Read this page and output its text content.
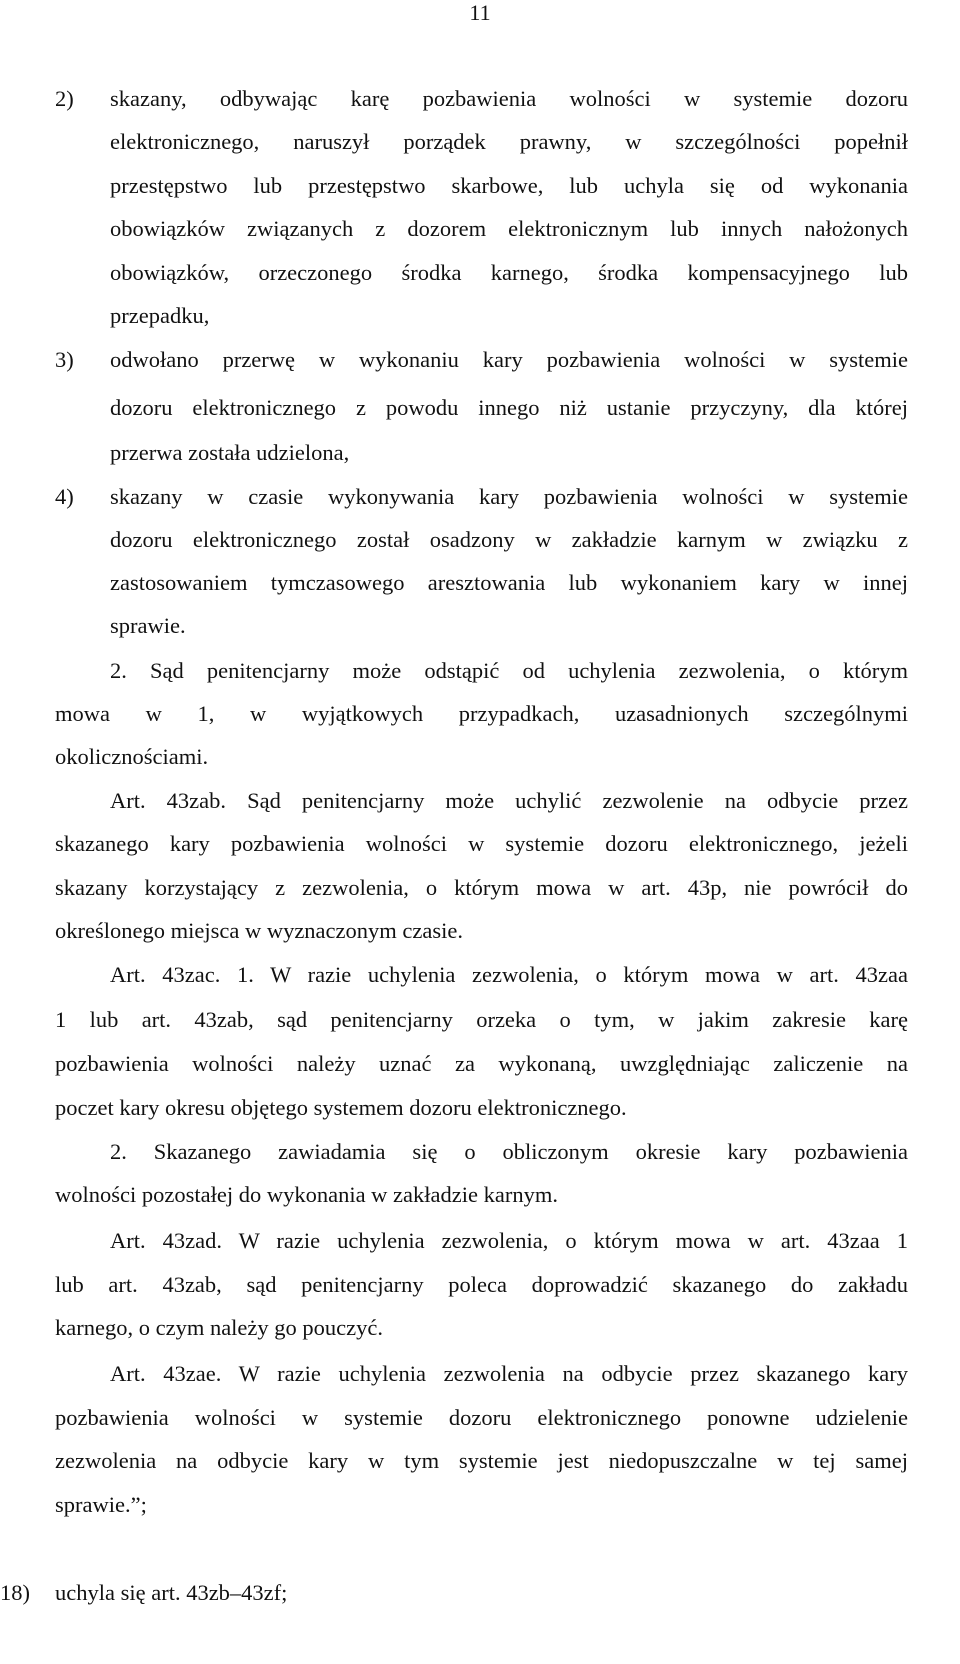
11
2)
3)
4)
18)
skazany, odbywając karę pozbawienia wolności w systemie dozoru
elektronicznego, naruszył porządek prawny, w szczególności popełnił
przestępstwo lub przestępstwo skarbowe, lub uchyla się od wykonania
obowiązków związanych z dozorem elektronicznym lub innych nałożonych
obowiązków, orzeczonego środka karnego, środka kompensacyjnego lub
przepadku,
odwołano przerwę w wykonaniu kary pozbawienia wolności w systemie
dozoru elektronicznego z powodu innego niż ustanie przyczyny, dla której
przerwa została udzielona,
skazany w czasie wykonywania kary pozbawienia wolności w systemie
dozoru elektronicznego został osadzony w zakładzie karnym w związku z
zastosowaniem tymczasowego aresztowania lub wykonaniem kary w innej
sprawie.
2. Sąd penitencjarny może odstąpić od uchylenia zezwolenia, o którym
mowa w 1, w wyjątkowych przypadkach, uzasadnionych szczególnymi
okolicznościami.
Art. 43zab. Sąd penitencjarny może uchylić zezwolenie na odbycie przez
skazanego kary pozbawienia wolności w systemie dozoru elektronicznego, jeżeli
skazany korzystający z zezwolenia, o którym mowa w art. 43p, nie powrócił do
określonego miejsca w wyznaczonym czasie.
Art. 43zac. 1. W razie uchylenia zezwolenia, o którym mowa w art. 43zaa
1 lub art. 43zab, sąd penitencjarny orzeka o tym, w jakim zakresie karę
pozbawienia wolności należy uznać za wykonaną, uwzględniając zaliczenie na
poczet kary okresu objętego systemem dozoru elektronicznego.
2. Skazanego zawiadamia się o obliczonym okresie kary pozbawienia
wolności pozostałej do wykonania w zakładzie karnym.
Art. 43zad. W razie uchylenia zezwolenia, o którym mowa w art. 43zaa 1
lub art. 43zab, sąd penitencjarny poleca doprowadzić skazanego do zakładu
karnego, o czym należy go pouczyć.
Art. 43zae. W razie uchylenia zezwolenia na odbycie przez skazanego kary
pozbawienia wolności w systemie dozoru elektronicznego ponowne udzielenie
zezwolenia na odbycie kary w tym systemie jest niedopuszczalne w tej samej
sprawie.”;
uchyla się art. 43zb–43zf;
